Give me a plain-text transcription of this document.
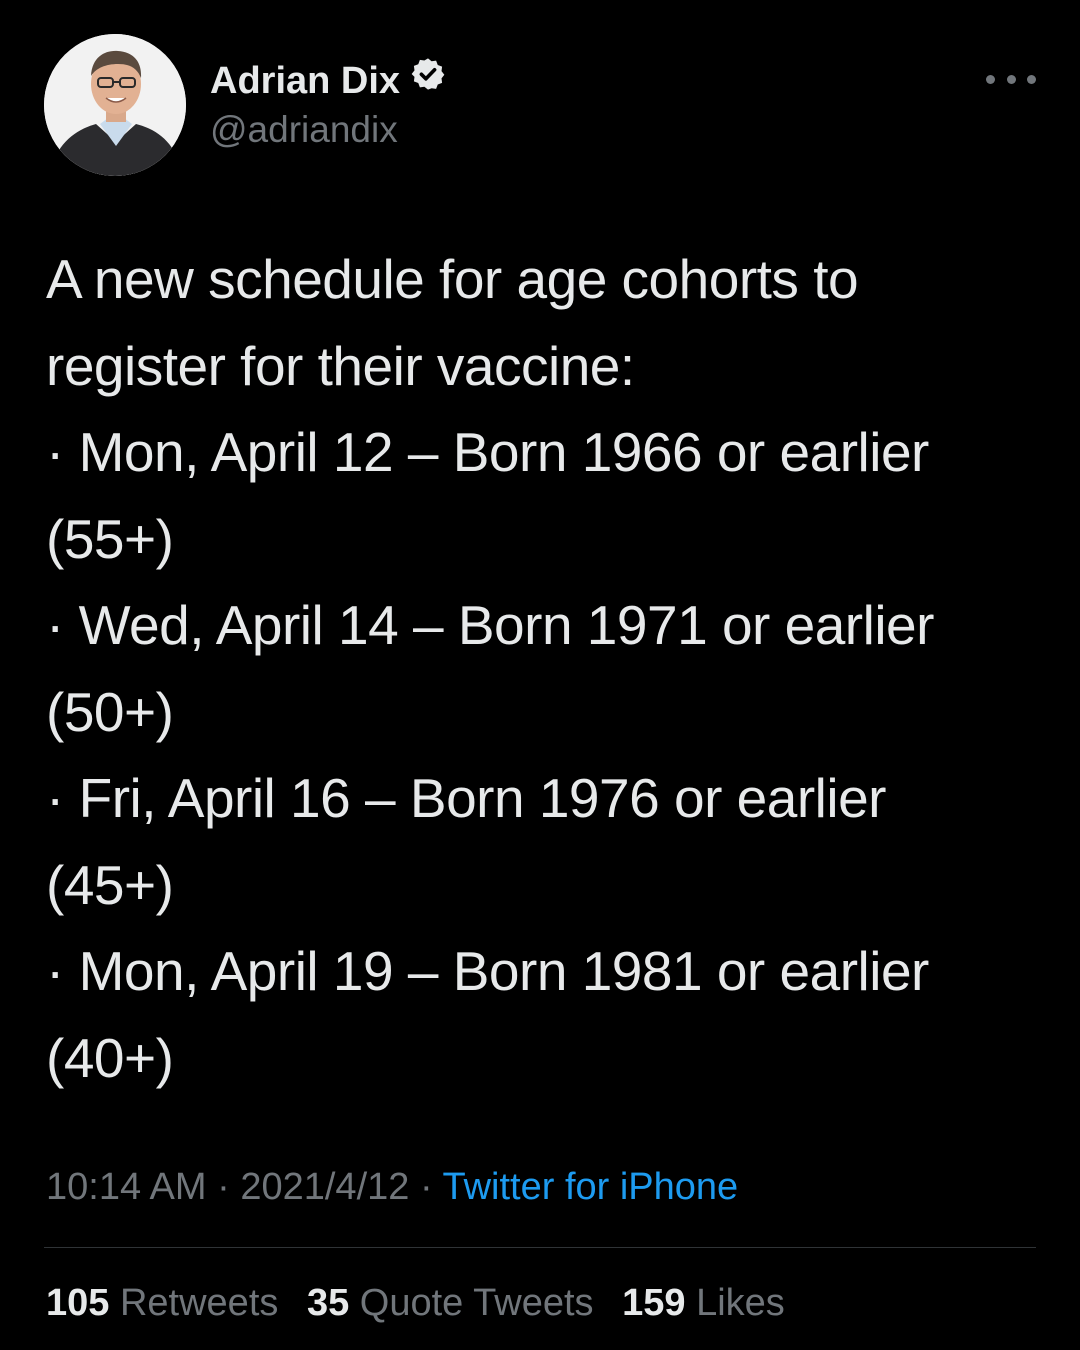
Adrian Dix
@adriandix
A new schedule for age cohorts to
register for their vaccine:
· Mon, April 12 – Born 1966 or earlier
(55+)
· Wed, April 14 – Born 1971 or earlier
(50+)
· Fri, April 16 – Born 1976 or earlier
(45+)
· Mon, April 19 – Born 1981 or earlier
(40+)
10:14 AM · 2021/4/12 · Twitter for iPhone
105 Retweets 35 Quote Tweets 159 Likes
